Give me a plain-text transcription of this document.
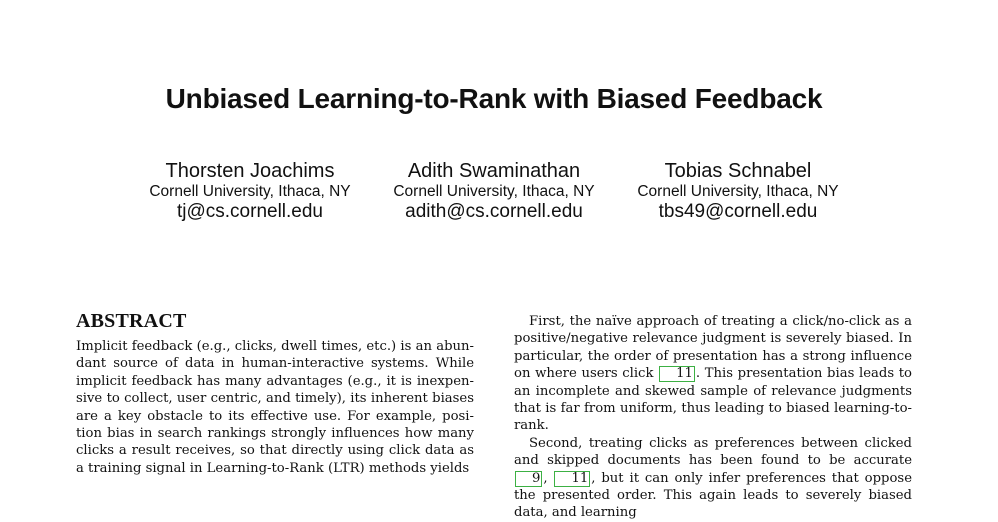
Unbiased Learning-to-Rank with Biased Feedback
Thorsten Joachims
Cornell University, Ithaca, NY
tj@cs.cornell.edu
Adith Swaminathan
Cornell University, Ithaca, NY
adith@cs.cornell.edu
Tobias Schnabel
Cornell University, Ithaca, NY
tbs49@cornell.edu
ABSTRACT

Implicit feedback (e.g., clicks, dwell times, etc.) is an abundant source of data in human-interactive systems. While implicit feedback has many advantages (e.g., it is inexpensive to collect, user centric, and timely), its inherent biases are a key obstacle to its effective use. For example, position bias in search rankings strongly influences how many clicks a result receives, so that directly using click data as a training signal in Learning-to-Rank (LTR) methods yields

First, the naïve approach of treating a click/no-click as a positive/negative relevance judgment is severely biased. In particular, the order of presentation has a strong influence on where users click 11 . This presentation bias leads to an incomplete and skewed sample of relevance judgments that is far from uniform, thus leading to biased learning-to-rank.

Second, treating clicks as preferences between clicked and skipped documents has been found to be accurate 9 , 11 , but it can only infer preferences that oppose the presented order. This again leads to severely biased data, and learning
